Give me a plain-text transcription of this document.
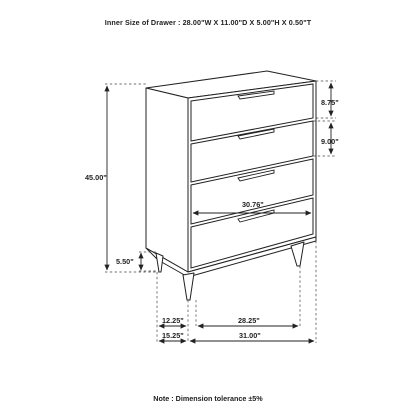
Inner Size of Drawer : 28.00"W X 11.00"D X 5.00"H X 0.50"T
45.00"
5.50"
8.75"
9.00"
30.76"
12.25"	28.25"
15.25"	31.00"
Note : Dimension tolerance ±5%
